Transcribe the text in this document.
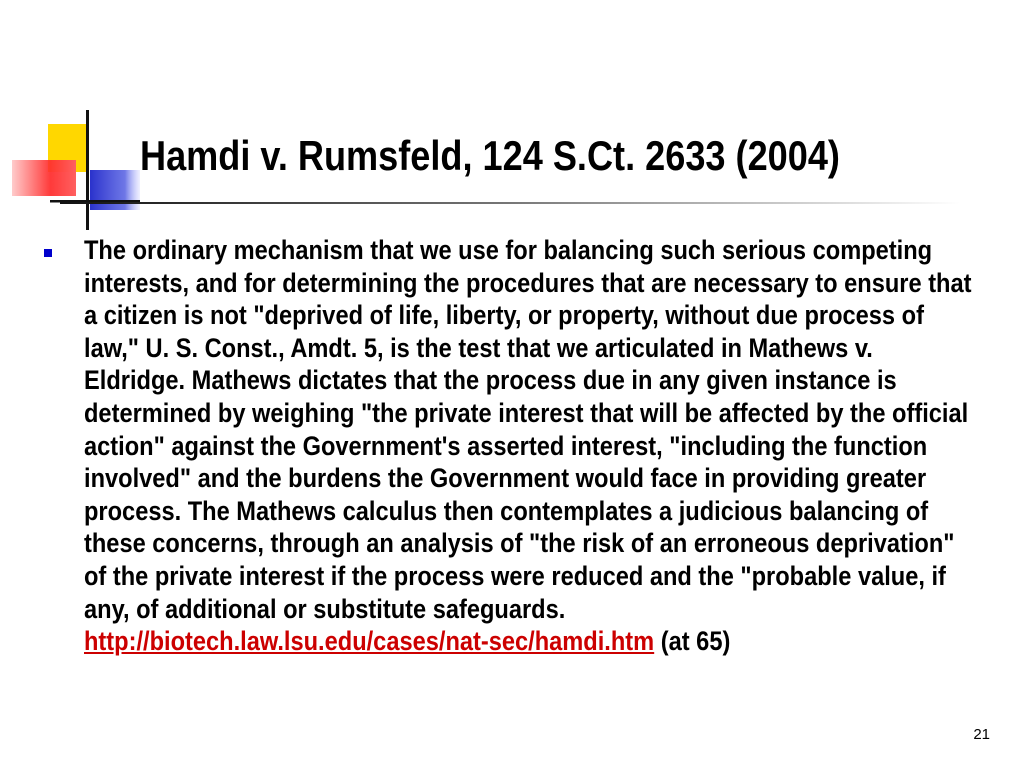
Hamdi v. Rumsfeld, 124 S.Ct. 2633 (2004)

The ordinary mechanism that we use for balancing such serious competing interests, and for determining the procedures that are necessary to ensure that a citizen is not "deprived of life, liberty, or property, without due process of law," U. S. Const., Amdt. 5, is the test that we articulated in Mathews v. Eldridge. Mathews dictates that the process due in any given instance is determined by weighing "the private interest that will be affected by the official action" against the Government's asserted interest, "including the function involved" and the burdens the Government would face in providing greater process. The Mathews calculus then contemplates a judicious balancing of these concerns, through an analysis of "the risk of an erroneous deprivation" of the private interest if the process were reduced and the "probable value, if any, of additional or substitute safeguards.
http://biotech.law.lsu.edu/cases/nat-sec/hamdi.htm (at 65)

21
